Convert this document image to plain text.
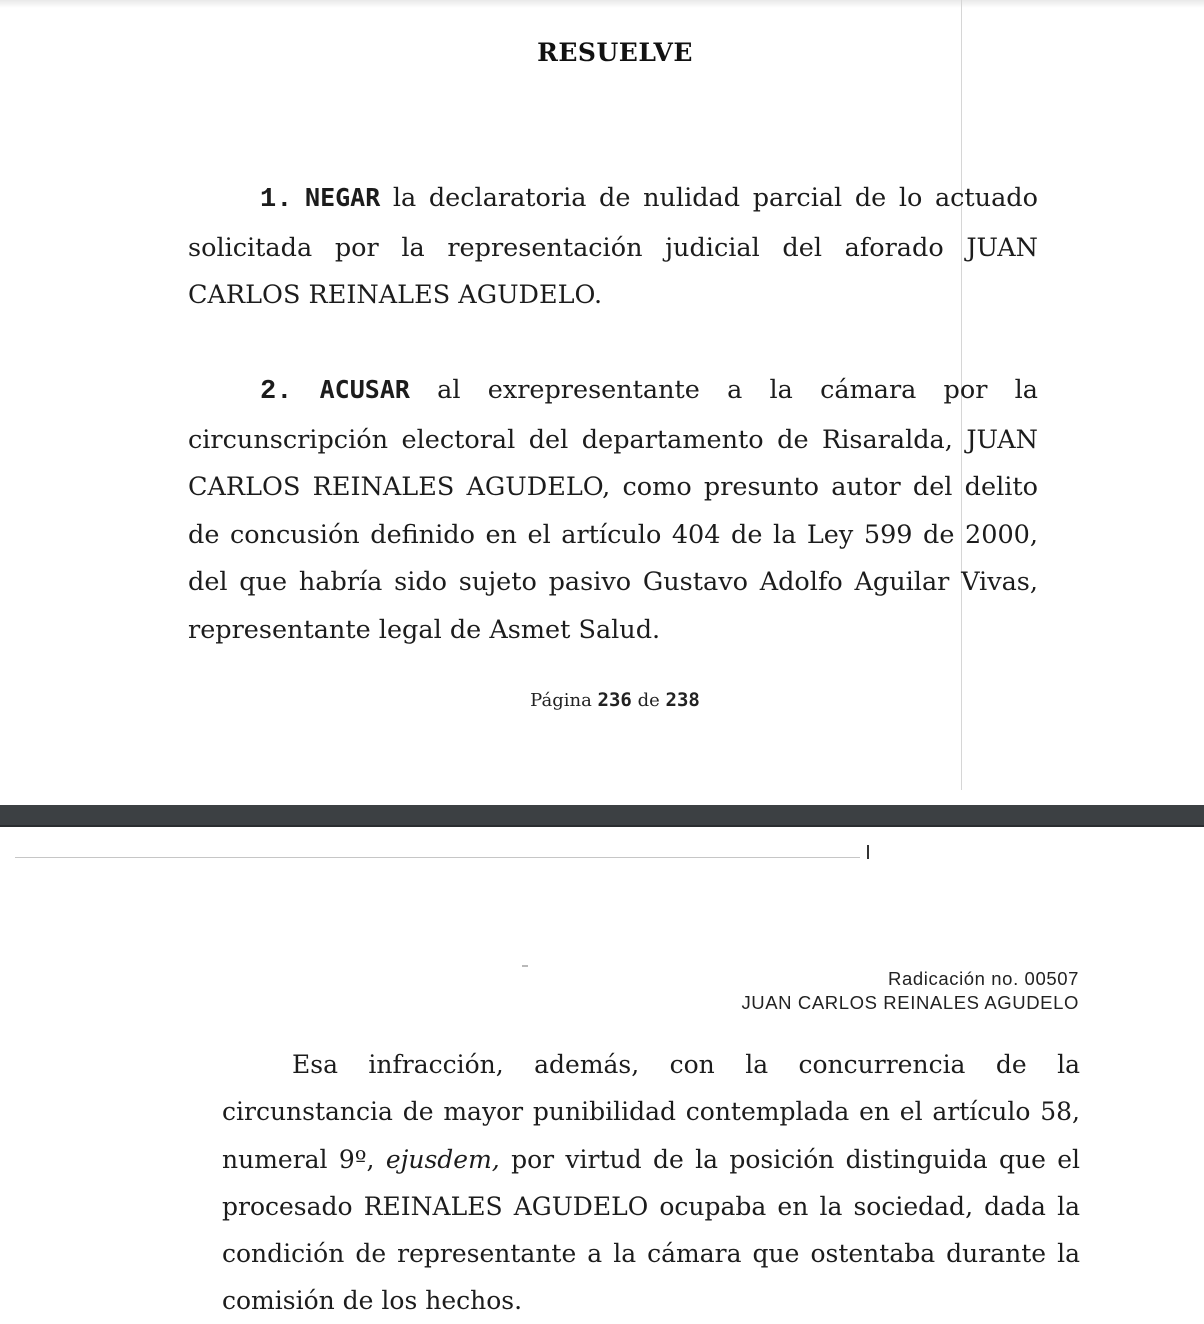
RESUELVE
1. NEGAR la declaratoria de nulidad parcial de lo actuado solicitada por la representación judicial del aforado JUAN CARLOS REINALES AGUDELO.
2. ACUSAR al exrepresentante a la cámara por la circunscripción electoral del departamento de Risaralda, JUAN CARLOS REINALES AGUDELO, como presunto autor del delito de concusión definido en el artículo 404 de la Ley 599 de 2000, del que habría sido sujeto pasivo Gustavo Adolfo Aguilar Vivas, representante legal de Asmet Salud.
Página 236 de 238
Radicación no. 00507
JUAN CARLOS REINALES AGUDELO
Esa infracción, además, con la concurrencia de la circunstancia de mayor punibilidad contemplada en el artículo 58, numeral 9º, ejusdem, por virtud de la posición distinguida que el procesado REINALES AGUDELO ocupaba en la sociedad, dada la condición de representante a la cámara que ostentaba durante la comisión de los hechos.
